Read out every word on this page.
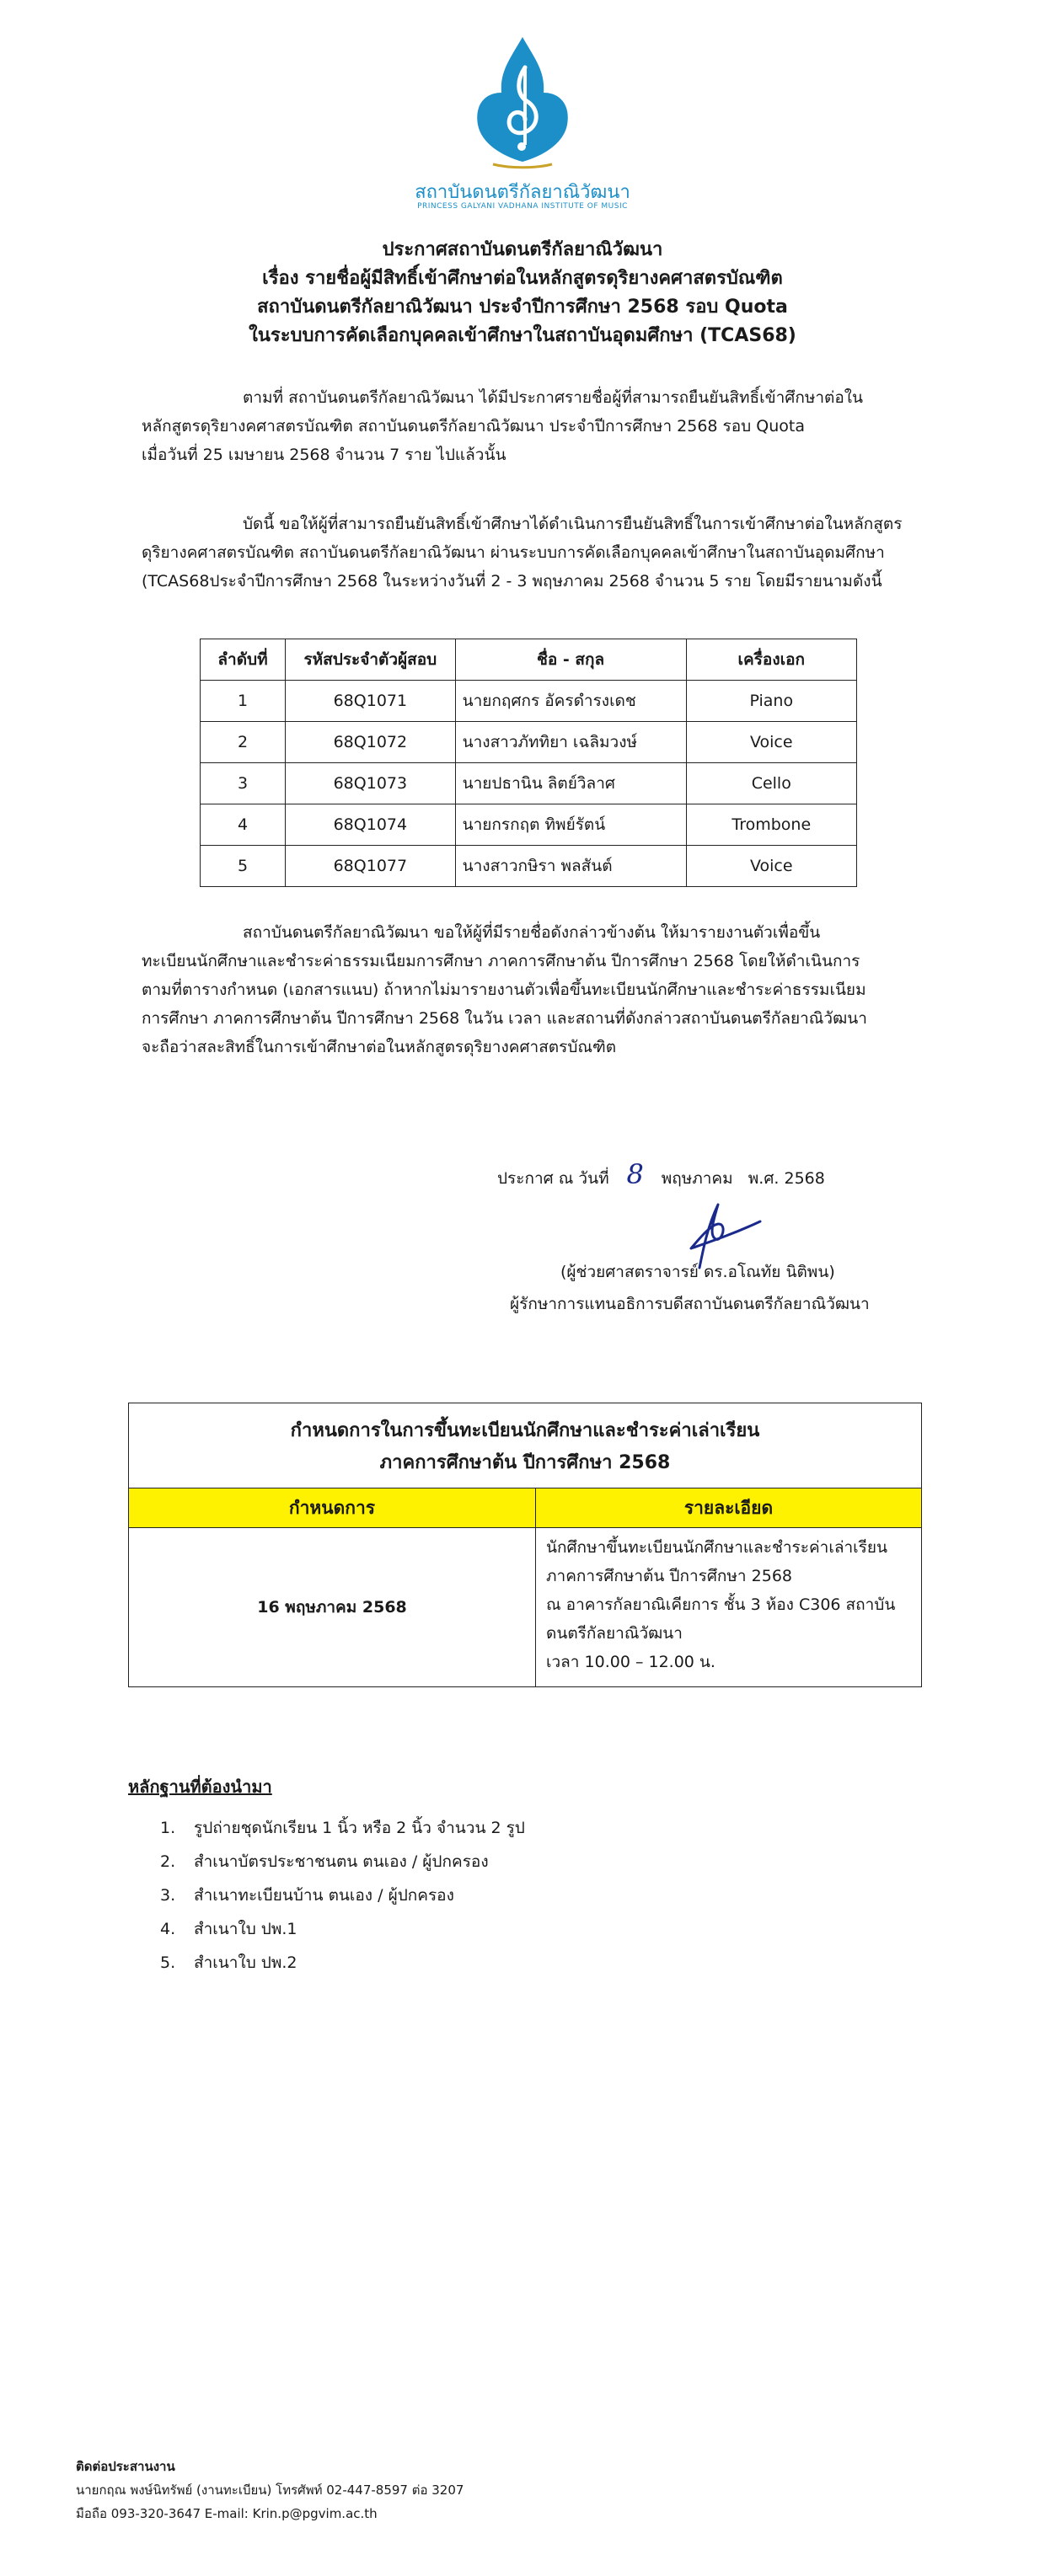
สถาบันดนตรีกัลยาณิวัฒนา
PRINCESS GALYANI VADHANA INSTITUTE OF MUSIC
ประกาศสถาบันดนตรีกัลยาณิวัฒนา
เรื่อง รายชื่อผู้มีสิทธิ์เข้าศึกษาต่อในหลักสูตรดุริยางคศาสตรบัณฑิต
สถาบันดนตรีกัลยาณิวัฒนา ประจำปีการศึกษา 2568 รอบ Quota
ในระบบการคัดเลือกบุคคลเข้าศึกษาในสถาบันอุดมศึกษา (TCAS68)
ตามที่ สถาบันดนตรีกัลยาณิวัฒนา ได้มีประกาศรายชื่อผู้ที่สามารถยืนยันสิทธิ์เข้าศึกษาต่อใน
หลักสูตรดุริยางคศาสตรบัณฑิต สถาบันดนตรีกัลยาณิวัฒนา ประจำปีการศึกษา 2568 รอบ Quota
เมื่อวันที่ 25 เมษายน 2568 จำนวน 7 ราย ไปแล้วนั้น
บัดนี้ ขอให้ผู้ที่สามารถยืนยันสิทธิ์เข้าศึกษาได้ดำเนินการยืนยันสิทธิ์ในการเข้าศึกษาต่อในหลักสูตร
ดุริยางคศาสตรบัณฑิต สถาบันดนตรีกัลยาณิวัฒนา ผ่านระบบการคัดเลือกบุคคลเข้าศึกษาในสถาบันอุดมศึกษา
(TCAS68ประจำปีการศึกษา 2568 ในระหว่างวันที่ 2 - 3 พฤษภาคม 2568 จำนวน 5 ราย โดยมีรายนามดังนี้
ลำดับที่	รหัสประจำตัวผู้สอบ	ชื่อ - สกุล	เครื่องเอก
1	68Q1071	นายกฤศกร อัครดำรงเดช	Piano
2	68Q1072	นางสาวภัททิยา เฉลิมวงษ์	Voice
3	68Q1073	นายปธานิน ลิตย์วิลาศ	Cello
4	68Q1074	นายกรกฤต ทิพย์รัตน์	Trombone
5	68Q1077	นางสาวกษิรา พลสันต์	Voice
สถาบันดนตรีกัลยาณิวัฒนา ขอให้ผู้ที่มีรายชื่อดังกล่าวข้างต้น ให้มารายงานตัวเพื่อขึ้น
ทะเบียนนักศึกษาและชำระค่าธรรมเนียมการศึกษา ภาคการศึกษาต้น ปีการศึกษา 2568 โดยให้ดำเนินการ
ตามที่ตารางกำหนด (เอกสารแนบ) ถ้าหากไม่มารายงานตัวเพื่อขึ้นทะเบียนนักศึกษาและชำระค่าธรรมเนียม
การศึกษา ภาคการศึกษาต้น ปีการศึกษา 2568 ในวัน เวลา และสถานที่ดังกล่าวสถาบันดนตรีกัลยาณิวัฒนา
จะถือว่าสละสิทธิ์ในการเข้าศึกษาต่อในหลักสูตรดุริยางคศาสตรบัณฑิต
ประกาศ ณ วันที่ 8 พฤษภาคม   พ.ศ. 2568
(ผู้ช่วยศาสตราจารย์ ดร.อโณทัย นิติพน)
ผู้รักษาการแทนอธิการบดีสถาบันดนตรีกัลยาณิวัฒนา
กำหนดการในการขึ้นทะเบียนนักศึกษาและชำระค่าเล่าเรียน
ภาคการศึกษาต้น ปีการศึกษา 2568
กำหนดการ	รายละเอียด
16 พฤษภาคม 2568	นักศึกษาขึ้นทะเบียนนักศึกษาและชำระค่าเล่าเรียน
ภาคการศึกษาต้น ปีการศึกษา 2568
ณ อาคารกัลยาณิเคียการ ชั้น 3 ห้อง C306 สถาบัน
ดนตรีกัลยาณิวัฒนา
เวลา 10.00 – 12.00 น.
หลักฐานที่ต้องนำมา
1. รูปถ่ายชุดนักเรียน 1 นิ้ว หรือ 2 นิ้ว จำนวน 2 รูป
2. สำเนาบัตรประชาชนตน ตนเอง / ผู้ปกครอง
3. สำเนาทะเบียนบ้าน ตนเอง / ผู้ปกครอง
4. สำเนาใบ ปพ.1
5. สำเนาใบ ปพ.2
ติดต่อประสานงาน
นายกฤณ พงษ์นิทรัพย์ (งานทะเบียน) โทรศัพท์ 02-447-8597 ต่อ 3207
มือถือ 093-320-3647 E-mail: Krin.p@pgvim.ac.th
